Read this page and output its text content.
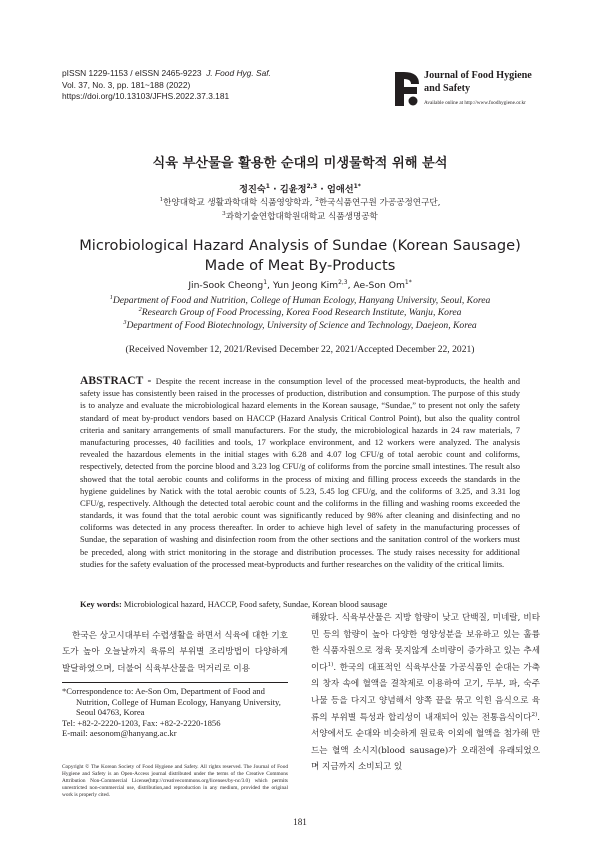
pISSN 1229-1153 / eISSN 2465-9223 J. Food Hyg. Saf.
Vol. 37, No. 3, pp. 181~188 (2022)
https://doi.org/10.13103/JFHS.2022.37.3.181
Journal of Food Hygiene
and Safety
Available online at http://www.foodhygiene.or.kr
식육 부산물을 활용한 순대의 미생물학적 위해 분석
정진숙$^1$ · 김윤정$^{2,3}$ · 엄애선$^{1*}$
$^1$한양대학교 생활과학대학 식품영양학과, $^2$한국식품연구원 가공공정연구단,
$^3$과학기술연합대학원대학교 식품생명공학
Microbiological Hazard Analysis of Sundae (Korean Sausage)
Made of Meat By-Products
Jin-Sook Cheong$^1$, Yun Jeong Kim$^{2,3}$, Ae-Son $Om^{1*}$
$^1$Department of Food and Nutrition, College of Human Ecology, Hanyang University, Seoul, Korea
$^2$Research Group of Food Processing, Korea Food Research Institute, Wanju, Korea
$^3$Department of Food Biotechnology, University of Science and Technology, Daejeon, Korea
(Received November 12, 2021/Revised December 22, 2021/Accepted December 22, 2021)
ABSTRACT - Despite the recent increase in the consumption level of the processed meat-byproducts, the health and safety issue has consistently been raised in the processes of production, distribution and consumption. The purpose of this study is to analyze and evaluate the microbiological hazard elements in the Korean sausage, “Sundae,” to present not only the safety standard of meat by-product vendors based on HACCP (Hazard Analysis Critical Control Point), but also the quality control criteria and sanitary arrangements of small manufacturers. For the study, the microbiological hazards in 24 raw materials, 7 manufacturing processes, 40 facilities and tools, 17 workplace environment, and 12 workers were analyzed. The analysis revealed the hazardous elements in the initial stages with 6.28 and 4.07 log CFU/g of total aerobic count and coliforms, respectively, detected from the porcine blood and 3.23 log CFU/g of coliforms from the porcine small intestines. The result also showed that the total aerobic counts and coliforms in the process of mixing and filling process exceeds the standards in the hygiene guidelines by Natick with the total aerobic counts of 5.23, 5.45 log CFU/g, and the coliforms of 3.25, and 3.31 log CFU/g, respectively. Although the detected total aerobic count and the coliforms in the filling and washing rooms exceeded the standards, it was found that the total aerobic count was significantly reduced by 98% after cleaning and disinfecting and no coliforms was detected in any process thereafter. In order to achieve high level of safety in the manufacturing processes of Sundae, the separation of washing and disinfection room from the other sections and the sanitation control of the workers must be preceded, along with strict monitoring in the storage and distribution processes. The study raises necessity for additional studies for the safety evaluation of the processed meat-byproducts and further researches on the validity of the critical limits.
Key words: Microbiological hazard, HACCP, Food safety, Sundae, Korean blood sausage
한국은 상고시대부터 수렵생활을 하면서 식육에 대한 기호도가 높아 오늘날까지 육류의 부위별 조리방법이 다양하게 발달하였으며, 더불어 식육부산물을 먹거리로 이용
*Correspondence to: Ae-Son Om, Department of Food and
Nutrition, College of Human Ecology, Hanyang University,
Seoul 04763, Korea
Tel: +82-2-2220-1203, Fax: +82-2-2220-1856
E-mail: aesonom@hanyang.ac.kr
Copyright © The Korean Society of Food Hygiene and Safety. All rights reserved. The Journal of Food Hygiene and Safety is an Open-Access journal distributed under the terms of the Creative Commons Attribution Non-Commercial License(http://creativecommons.org/licenses/by-nc/3.0) which permits unrestricted non-commercial use, distribution,and reproduction in any medium, provided the original work is properly cited.
해왔다. 식육부산물은 지방 함량이 낮고 단백질, 미네랄, 비타민 등의 함량이 높아 다양한 영양성분을 보유하고 있는 훌륭한 식품자원으로 정육 못지않게 소비량이 증가하고 있는 추세이다$^{1)}$. 한국의 대표적인 식육부산물 가공식품인 순대는 가축의 창자 속에 혈액을 결착제로 이용하여 고기, 두부, 파, 숙주나물 등을 다지고 양념해서 양쪽 끝을 묶고 익힌 음식으로 육류의 부위별 특성과 합리성이 내재되어 있는 전통음식이다$^{2)}$. 서양에서도 순대와 비슷하게 원료육 이외에 혈액을 첨가해 만드는 혈액 소시지(blood sausage)가 오래전에 유래되었으며 지금까지 소비되고 있
181
